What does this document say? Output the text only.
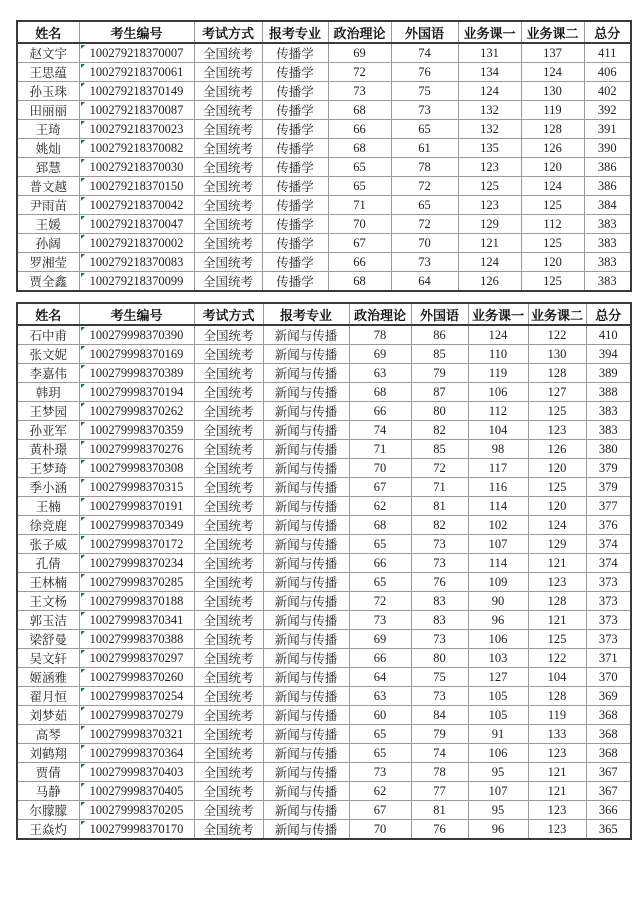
姓名	考生编号	考试方式	报考专业	政治理论	外国语	业务课一	业务课二	总分
赵文宇	100279218370007	全国统考	传播学	69	74	131	137	411
王思蕴	100279218370061	全国统考	传播学	72	76	134	124	406
孙玉珠	100279218370149	全国统考	传播学	73	75	124	130	402
田丽丽	100279218370087	全国统考	传播学	68	73	132	119	392
王琦	100279218370023	全国统考	传播学	66	65	132	128	391
姚灿	100279218370082	全国统考	传播学	68	61	135	126	390
郅慧	100279218370030	全国统考	传播学	65	78	123	120	386
普文越	100279218370150	全国统考	传播学	65	72	125	124	386
尹雨苗	100279218370042	全国统考	传播学	71	65	123	125	384
王媛	100279218370047	全国统考	传播学	70	72	129	112	383
孙阔	100279218370002	全国统考	传播学	67	70	121	125	383
罗湘莹	100279218370083	全国统考	传播学	66	73	124	120	383
贾全鑫	100279218370099	全国统考	传播学	68	64	126	125	383
姓名	考生编号	考试方式	报考专业	政治理论	外国语	业务课一	业务课二	总分
石中甫	100279998370390	全国统考	新闻与传播	78	86	124	122	410
张文妮	100279998370169	全国统考	新闻与传播	69	85	110	130	394
李嘉伟	100279998370389	全国统考	新闻与传播	63	79	119	128	389
韩玥	100279998370194	全国统考	新闻与传播	68	87	106	127	388
王梦园	100279998370262	全国统考	新闻与传播	66	80	112	125	383
孙亚军	100279998370359	全国统考	新闻与传播	74	82	104	123	383
黄朴璟	100279998370276	全国统考	新闻与传播	71	85	98	126	380
王梦琦	100279998370308	全国统考	新闻与传播	70	72	117	120	379
季小涵	100279998370315	全国统考	新闻与传播	67	71	116	125	379
王楠	100279998370191	全国统考	新闻与传播	62	81	114	120	377
徐竞鹿	100279998370349	全国统考	新闻与传播	68	82	102	124	376
张子威	100279998370172	全国统考	新闻与传播	65	73	107	129	374
孔倩	100279998370234	全国统考	新闻与传播	66	73	114	121	374
王林楠	100279998370285	全国统考	新闻与传播	65	76	109	123	373
王文杨	100279998370188	全国统考	新闻与传播	72	83	90	128	373
郭玉洁	100279998370341	全国统考	新闻与传播	73	83	96	121	373
梁舒曼	100279998370388	全国统考	新闻与传播	69	73	106	125	373
吴文轩	100279998370297	全国统考	新闻与传播	66	80	103	122	371
姬涵雅	100279998370260	全国统考	新闻与传播	64	75	127	104	370
翟月恒	100279998370254	全国统考	新闻与传播	63	73	105	128	369
刘梦茹	100279998370279	全国统考	新闻与传播	60	84	105	119	368
高琴	100279998370321	全国统考	新闻与传播	65	79	91	133	368
刘鹤翔	100279998370364	全国统考	新闻与传播	65	74	106	123	368
贾倩	100279998370403	全国统考	新闻与传播	73	78	95	121	367
马静	100279998370405	全国统考	新闻与传播	62	77	107	121	367
尔朦朦	100279998370205	全国统考	新闻与传播	67	81	95	123	366
王焱灼	100279998370170	全国统考	新闻与传播	70	76	96	123	365
